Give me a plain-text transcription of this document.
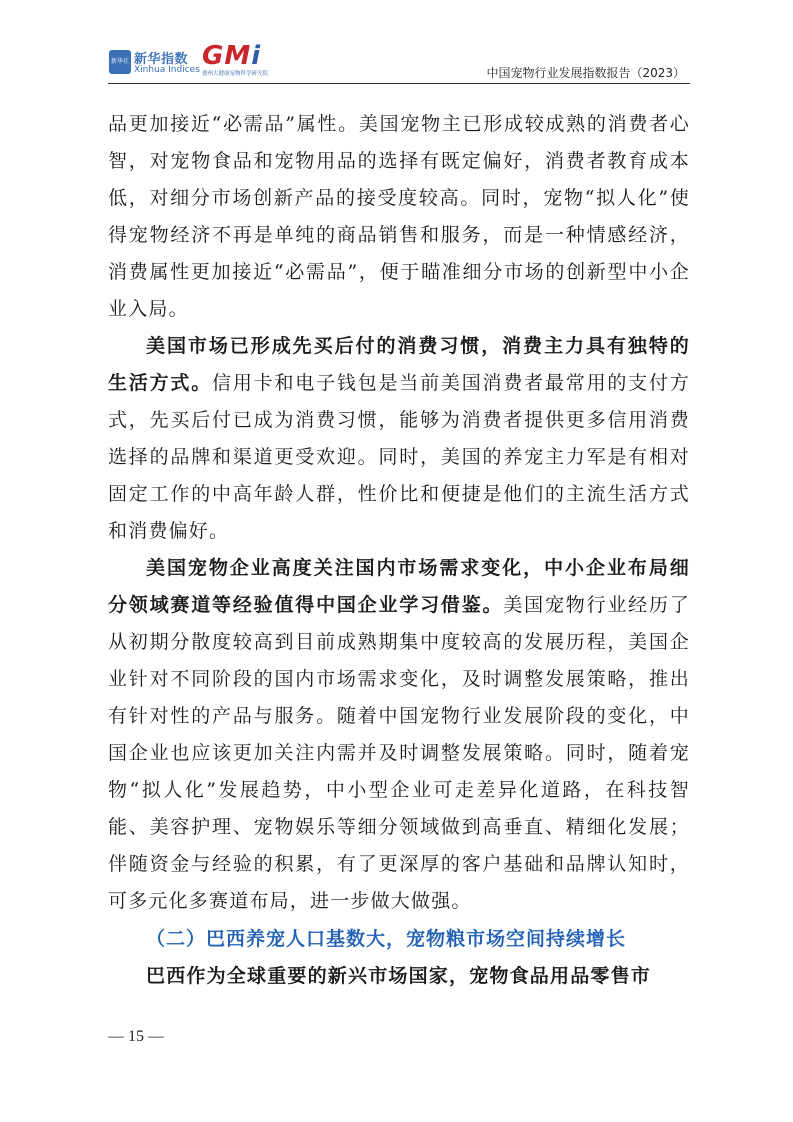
新华社 新华指数
Xinhua Indices GMi
德州大健康宠物科学研究院	中国宠物行业发展指数报告（2023）

品更加接近“必需品”属性。美国宠物主已形成较成熟的消费者心智，对宠物食品和宠物用品的选择有既定偏好，消费者教育成本低，对细分市场创新产品的接受度较高。同时，宠物“拟人化”使得宠物经济不再是单纯的商品销售和服务，而是一种情感经济，消费属性更加接近“必需品”，便于瞄准细分市场的创新型中小企业入局。

美国市场已形成先买后付的消费习惯，消费主力具有独特的生活方式。信用卡和电子钱包是当前美国消费者最常用的支付方式，先买后付已成为消费习惯，能够为消费者提供更多信用消费选择的品牌和渠道更受欢迎。同时，美国的养宠主力军是有相对固定工作的中高年龄人群，性价比和便捷是他们的主流生活方式和消费偏好。

美国宠物企业高度关注国内市场需求变化，中小企业布局细分领域赛道等经验值得中国企业学习借鉴。美国宠物行业经历了从初期分散度较高到目前成熟期集中度较高的发展历程，美国企业针对不同阶段的国内市场需求变化，及时调整发展策略，推出有针对性的产品与服务。随着中国宠物行业发展阶段的变化，中国企业也应该更加关注内需并及时调整发展策略。同时，随着宠物“拟人化”发展趋势，中小型企业可走差异化道路，在科技智能、美容护理、宠物娱乐等细分领域做到高垂直、精细化发展；伴随资金与经验的积累，有了更深厚的客户基础和品牌认知时，可多元化多赛道布局，进一步做大做强。

（二）巴西养宠人口基数大，宠物粮市场空间持续增长

巴西作为全球重要的新兴市场国家，宠物食品用品零售市

— 15 —
